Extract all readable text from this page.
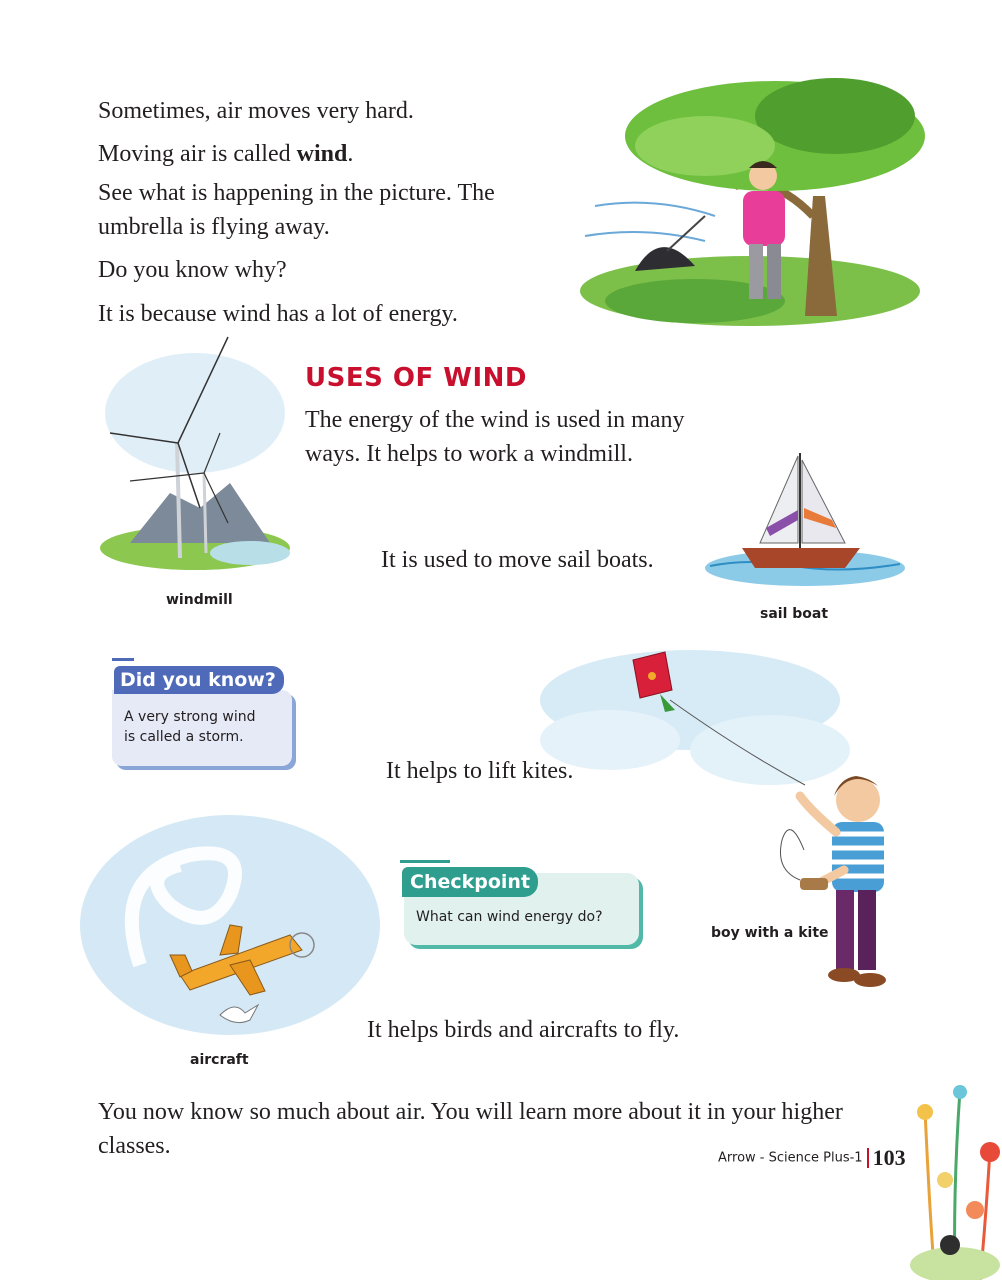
Sometimes, air moves very hard.

Moving air is called wind.

See what is happening in the picture. The

umbrella is flying away.

Do you know why?

It is because wind has a lot of energy.

windmill
USES OF WIND

The energy of the wind is used in many

ways. It helps to work a windmill.

It is used to move sail boats.

sail boat
Did you know?
A very strong wind
is called a storm.

It helps to lift kites.

boy with a kite
Checkpoint
What can wind energy do?
aircraft

It helps birds and aircrafts to fly.

You now know so much about air. You will learn more about it in your higher

classes.	Arrow - Science Plus-1 103
